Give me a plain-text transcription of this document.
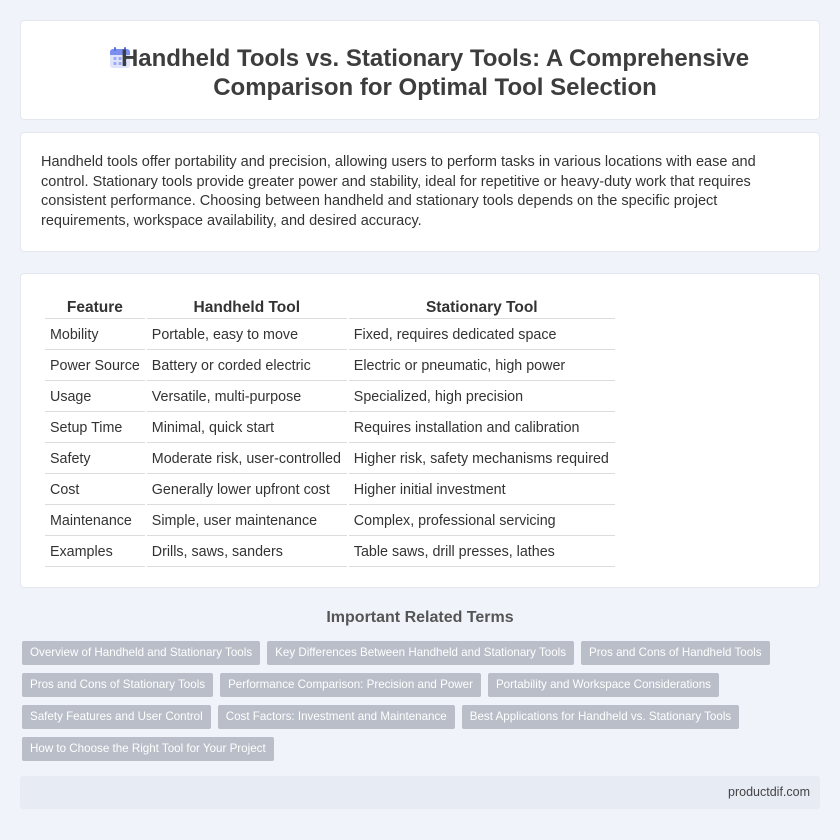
Handheld Tools vs. Stationary Tools: A Comprehensive Comparison for Optimal Tool Selection

Handheld tools offer portability and precision, allowing users to perform tasks in various locations with ease and control. Stationary tools provide greater power and stability, ideal for repetitive or heavy-duty work that requires consistent performance. Choosing between handheld and stationary tools depends on the specific project requirements, workspace availability, and desired accuracy.

Feature	Handheld Tool	Stationary Tool
Mobility	Portable, easy to move	Fixed, requires dedicated space
Power Source	Battery or corded electric	Electric or pneumatic, high power
Usage	Versatile, multi-purpose	Specialized, high precision
Setup Time	Minimal, quick start	Requires installation and calibration
Safety	Moderate risk, user-controlled	Higher risk, safety mechanisms required
Cost	Generally lower upfront cost	Higher initial investment
Maintenance	Simple, user maintenance	Complex, professional servicing
Examples	Drills, saws, sanders	Table saws, drill presses, lathes
Important Related Terms
Overview of Handheld and Stationary Tools	Key Differences Between Handheld and Stationary Tools	Pros and Cons of Handheld Tools
Pros and Cons of Stationary Tools	Performance Comparison: Precision and Power	Portability and Workspace Considerations
Safety Features and User Control	Cost Factors: Investment and Maintenance	Best Applications for Handheld vs. Stationary Tools
How to Choose the Right Tool for Your Project
productdif.com
